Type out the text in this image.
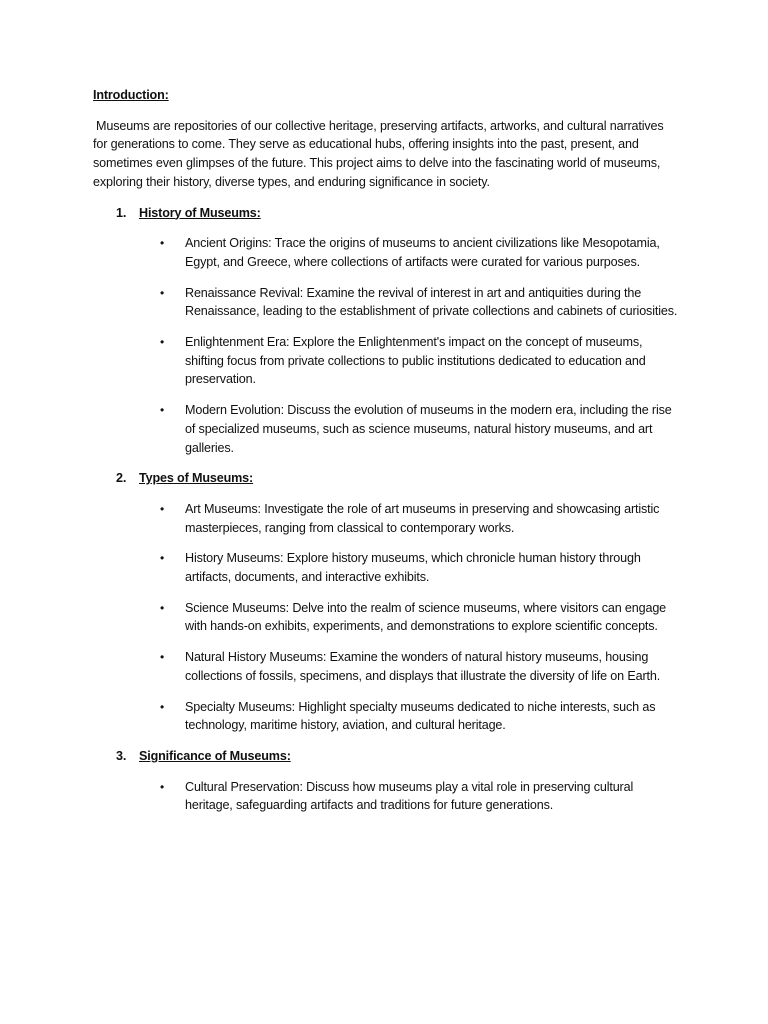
Introduction:
Museums are repositories of our collective heritage, preserving artifacts, artworks, and cultural narratives for generations to come. They serve as educational hubs, offering insights into the past, present, and sometimes even glimpses of the future. This project aims to delve into the fascinating world of museums, exploring their history, diverse types, and enduring significance in society.
1. History of Museums:
• Ancient Origins: Trace the origins of museums to ancient civilizations like Mesopotamia, Egypt, and Greece, where collections of artifacts were curated for various purposes.
• Renaissance Revival: Examine the revival of interest in art and antiquities during the Renaissance, leading to the establishment of private collections and cabinets of curiosities.
• Enlightenment Era: Explore the Enlightenment's impact on the concept of museums, shifting focus from private collections to public institutions dedicated to education and preservation.
• Modern Evolution: Discuss the evolution of museums in the modern era, including the rise of specialized museums, such as science museums, natural history museums, and art galleries.
2. Types of Museums:
• Art Museums: Investigate the role of art museums in preserving and showcasing artistic masterpieces, ranging from classical to contemporary works.
• History Museums: Explore history museums, which chronicle human history through artifacts, documents, and interactive exhibits.
• Science Museums: Delve into the realm of science museums, where visitors can engage with hands-on exhibits, experiments, and demonstrations to explore scientific concepts.
• Natural History Museums: Examine the wonders of natural history museums, housing collections of fossils, specimens, and displays that illustrate the diversity of life on Earth.
• Specialty Museums: Highlight specialty museums dedicated to niche interests, such as technology, maritime history, aviation, and cultural heritage.
3. Significance of Museums:
• Cultural Preservation: Discuss how museums play a vital role in preserving cultural heritage, safeguarding artifacts and traditions for future generations.
